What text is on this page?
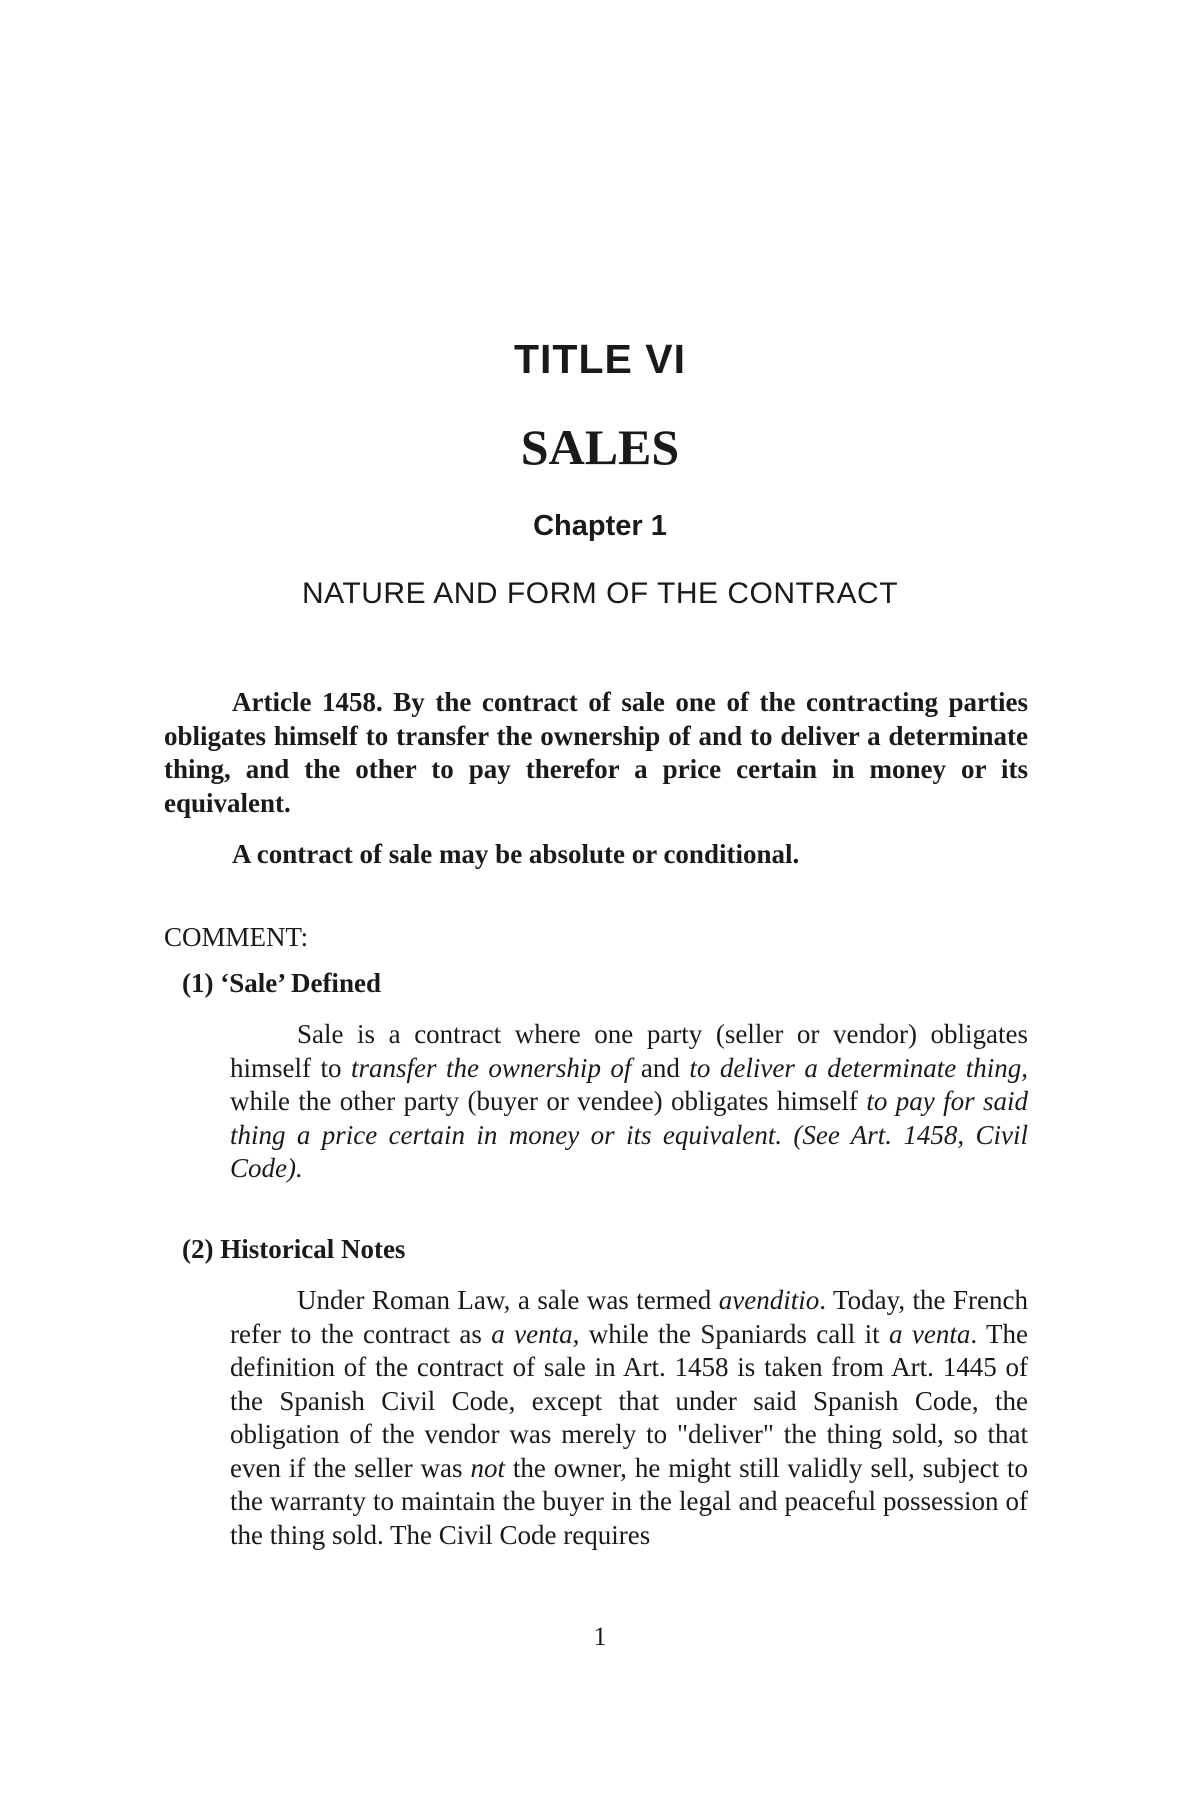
TITLE VI
SALES
Chapter 1
NATURE AND FORM OF THE CONTRACT

Article 1458. By the contract of sale one of the contracting parties obligates himself to transfer the ownership of and to deliver a determinate thing, and the other to pay therefor a price certain in money or its equivalent.

A contract of sale may be absolute or conditional.
COMMENT:
(1) ‘Sale’ Defined

Sale is a contract where one party (seller or vendor) obligates himself to transfer the ownership of and to deliver a determinate thing, while the other party (buyer or vendee) obligates himself to pay for said thing a price certain in money or its equivalent. (See Art. 1458, Civil Code).

(2) Historical Notes

Under Roman Law, a sale was termed avenditio. Today, the French refer to the contract as a venta, while the Spaniards call it a venta. The definition of the contract of sale in Art. 1458 is taken from Art. 1445 of the Spanish Civil Code, except that under said Spanish Code, the obligation of the vendor was merely to "deliver" the thing sold, so that even if the seller was not the owner, he might still validly sell, subject to the warranty to maintain the buyer in the legal and peaceful possession of the thing sold. The Civil Code requires

1
